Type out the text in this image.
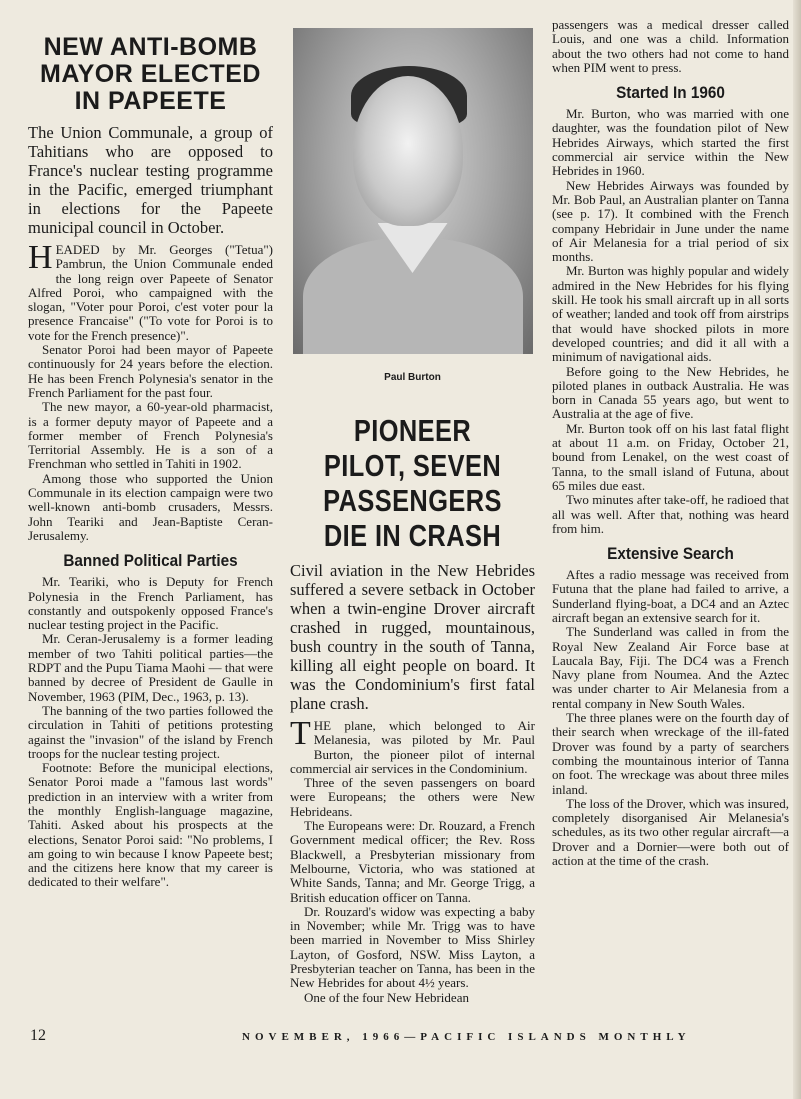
NEW ANTI-BOMB MAYOR ELECTED IN PAPEETE
The Union Communale, a group of Tahitians who are opposed to France's nuclear testing programme in the Pacific, emerged triumphant in elections for the Papeete municipal council in October.

HEADED by Mr. Georges ("Tetua") Pambrun, the Union Communale ended the long reign over Papeete of Senator Alfred Poroi, who campaigned with the slogan, "Voter pour Poroi, c'est voter pour la presence Francaise" ("To vote for Poroi is to vote for the French presence)".

Senator Poroi had been mayor of Papeete continuously for 24 years before the election. He has been French Polynesia's senator in the French Parliament for the past four.

The new mayor, a 60-year-old pharmacist, is a former deputy mayor of Papeete and a former member of French Polynesia's Territorial Assembly. He is a son of a Frenchman who settled in Tahiti in 1902.

Among those who supported the Union Communale in its election campaign were two well-known anti-bomb crusaders, Messrs. John Teariki and Jean-Baptiste Ceran-Jerusalemy.

Banned Political Parties

Mr. Teariki, who is Deputy for French Polynesia in the French Parliament, has constantly and outspokenly opposed France's nuclear testing project in the Pacific.

Mr. Ceran-Jerusalemy is a former leading member of two Tahiti political parties—the RDPT and the Pupu Tiama Maohi — that were banned by decree of President de Gaulle in November, 1963 (PIM, Dec., 1963, p. 13).

The banning of the two parties followed the circulation in Tahiti of petitions protesting against the "invasion" of the island by French troops for the nuclear testing project.

Footnote: Before the municipal elections, Senator Poroi made a "famous last words" prediction in an interview with a writer from the monthly English-language magazine, Tahiti. Asked about his prospects at the elections, Senator Poroi said: "No problems, I am going to win because I know Papeete best; and the citizens here know that my career is dedicated to their welfare".

Paul Burton
PIONEER PILOT, SEVEN PASSENGERS DIE IN CRASH
Civil aviation in the New Hebrides suffered a severe setback in October when a twin-engine Drover aircraft crashed in rugged, mountainous, bush country in the south of Tanna, killing all eight people on board. It was the Condominium's first fatal plane crash.

THE plane, which belonged to Air Melanesia, was piloted by Mr. Paul Burton, the pioneer pilot of internal commercial air services in the Condominium.

Three of the seven passengers on board were Europeans; the others were New Hebrideans.

The Europeans were: Dr. Rouzard, a French Government medical officer; the Rev. Ross Blackwell, a Presbyterian missionary from Melbourne, Victoria, who was stationed at White Sands, Tanna; and Mr. George Trigg, a British education officer on Tanna.

Dr. Rouzard's widow was expecting a baby in November; while Mr. Trigg was to have been married in November to Miss Shirley Layton, of Gosford, NSW. Miss Layton, a Presbyterian teacher on Tanna, has been in the New Hebrides for about 4½ years.

One of the four New Hebridean

passengers was a medical dresser called Louis, and one was a child. Information about the two others had not come to hand when PIM went to press.

Started In 1960

Mr. Burton, who was married with one daughter, was the foundation pilot of New Hebrides Airways, which started the first commercial air service within the New Hebrides in 1960.

New Hebrides Airways was founded by Mr. Bob Paul, an Australian planter on Tanna (see p. 17). It combined with the French company Hebridair in June under the name of Air Melanesia for a trial period of six months.

Mr. Burton was highly popular and widely admired in the New Hebrides for his flying skill. He took his small aircraft up in all sorts of weather; landed and took off from airstrips that would have shocked pilots in more developed countries; and did it all with a minimum of navigational aids.

Before going to the New Hebrides, he piloted planes in outback Australia. He was born in Canada 55 years ago, but went to Australia at the age of five.

Mr. Burton took off on his last fatal flight at about 11 a.m. on Friday, October 21, bound from Lenakel, on the west coast of Tanna, to the small island of Futuna, about 65 miles due east.

Two minutes after take-off, he radioed that all was well. After that, nothing was heard from him.

Extensive Search

Aftes a radio message was received from Futuna that the plane had failed to arrive, a Sunderland flying-boat, a DC4 and an Aztec aircraft began an extensive search for it.

The Sunderland was called in from the Royal New Zealand Air Force base at Laucala Bay, Fiji. The DC4 was a French Navy plane from Noumea. And the Aztec was under charter to Air Melanesia from a rental company in New South Wales.

The three planes were on the fourth day of their search when wreckage of the ill-fated Drover was found by a party of searchers combing the mountainous interior of Tanna on foot. The wreckage was about three miles inland.

The loss of the Drover, which was insured, completely disorganised Air Melanesia's schedules, as its two other regular aircraft—a Drover and a Dornier—were both out of action at the time of the crash.

12	NOVEMBER, 1966—PACIFIC ISLANDS MONTHLY
